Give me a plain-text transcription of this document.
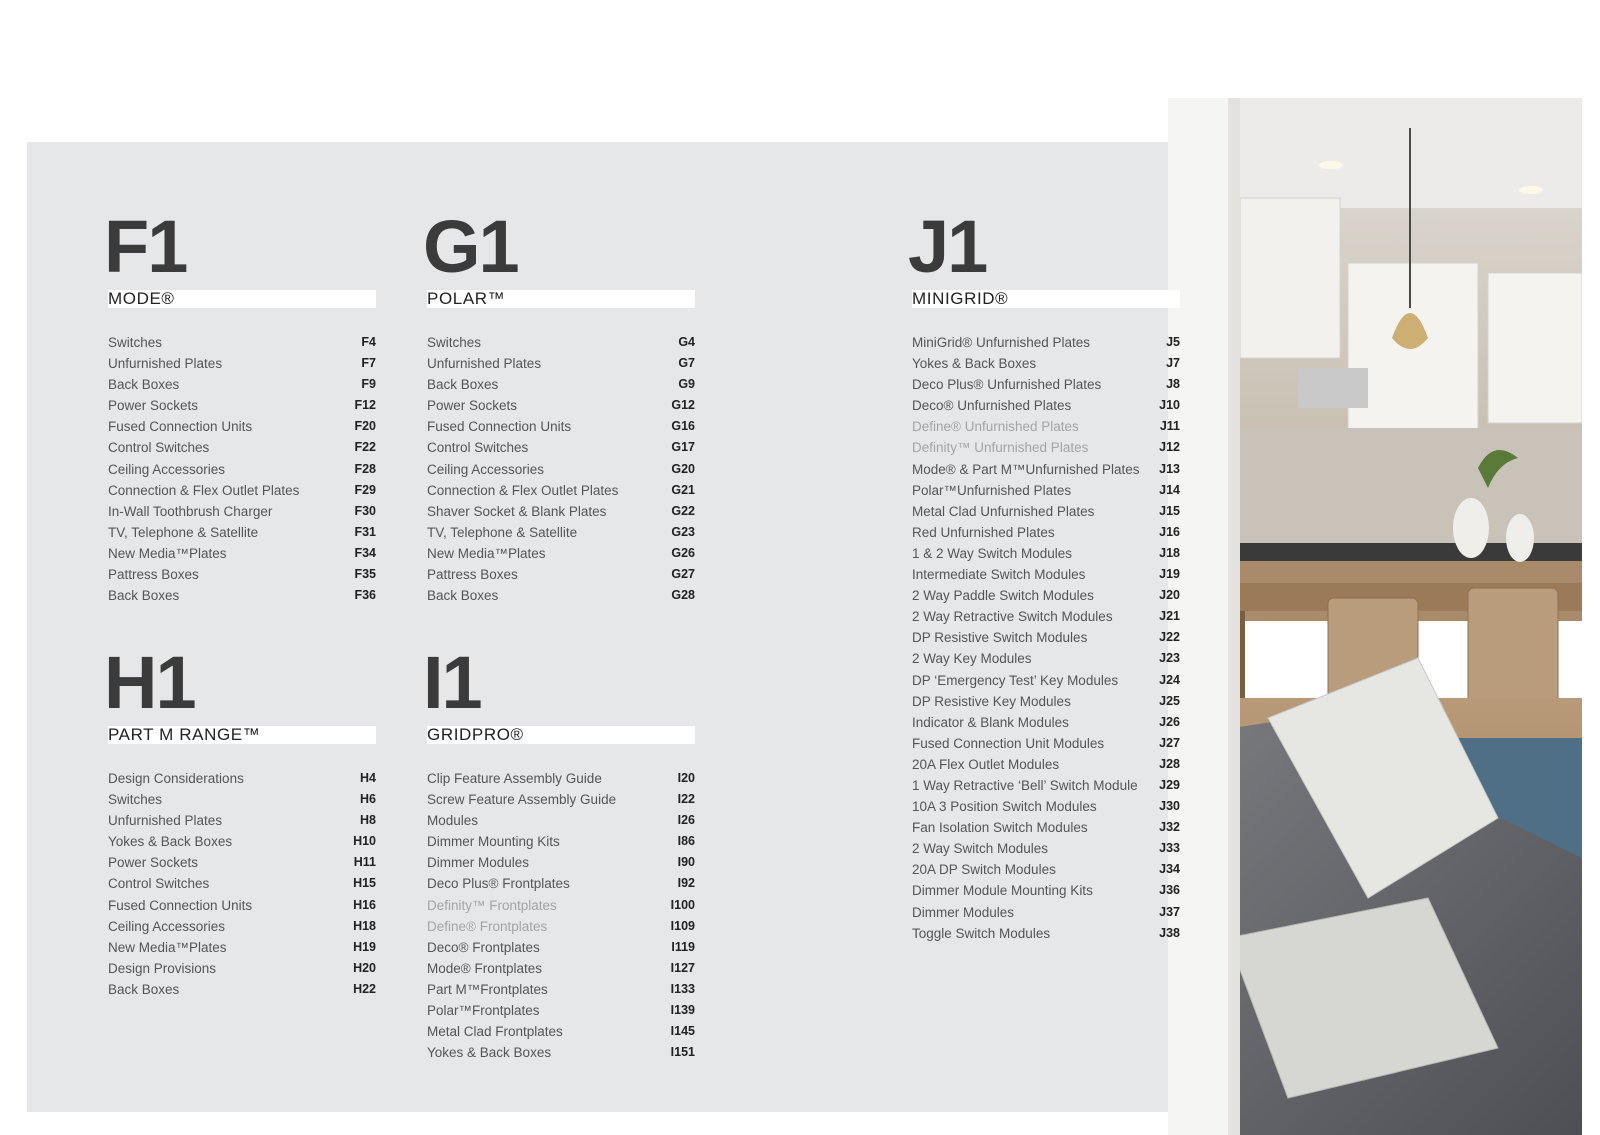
F1
MODE®
Switches	F4
Unfurnished Plates	F7
Back Boxes	F9
Power Sockets	F12
Fused Connection Units	F20
Control Switches	F22
Ceiling Accessories	F28
Connection & Flex Outlet Plates	F29
In-Wall Toothbrush Charger	F30
TV, Telephone & Satellite	F31
New Media™Plates	F34
Pattress Boxes	F35
Back Boxes	F36
G1
POLAR™
Switches	G4
Unfurnished Plates	G7
Back Boxes	G9
Power Sockets	G12
Fused Connection Units	G16
Control Switches	G17
Ceiling Accessories	G20
Connection & Flex Outlet Plates	G21
Shaver Socket & Blank Plates	G22
TV, Telephone & Satellite	G23
New Media™Plates	G26
Pattress Boxes	G27
Back Boxes	G28
H1
PART M RANGE™
Design Considerations	H4
Switches	H6
Unfurnished Plates	H8
Yokes & Back Boxes	H10
Power Sockets	H11
Control Switches	H15
Fused Connection Units	H16
Ceiling Accessories	H18
New Media™Plates	H19
Design Provisions	H20
Back Boxes	H22
I1
GRIDPRO®
Clip Feature Assembly Guide	I20
Screw Feature Assembly Guide	I22
Modules	I26
Dimmer Mounting Kits	I86
Dimmer Modules	I90
Deco Plus® Frontplates	I92
Definity™ Frontplates	I100
Define® Frontplates	I109
Deco® Frontplates	I119
Mode® Frontplates	I127
Part M™Frontplates	I133
Polar™Frontplates	I139
Metal Clad Frontplates	I145
Yokes & Back Boxes	I151
J1
MINIGRID®
MiniGrid® Unfurnished Plates	J5
Yokes & Back Boxes	J7
Deco Plus® Unfurnished Plates	J8
Deco® Unfurnished Plates	J10
Define® Unfurnished Plates	J11
Definity™ Unfurnished Plates	J12
Mode® & Part M™Unfurnished Plates J13
Polar™Unfurnished Plates	J14
Metal Clad Unfurnished Plates	J15
Red Unfurnished Plates	J16
1 & 2 Way Switch Modules	J18
Intermediate Switch Modules	J19
2 Way Paddle Switch Modules	J20
2 Way Retractive Switch Modules	J21
DP Resistive Switch Modules	J22
2 Way Key Modules	J23
DP ‘Emergency Test’ Key Modules	J24
DP Resistive Key Modules	J25
Indicator & Blank Modules	J26
Fused Connection Unit Modules	J27
20A Flex Outlet Modules	J28
1 Way Retractive ‘Bell’ Switch Module J29
10A 3 Position Switch Modules	J30
Fan Isolation Switch Modules	J32
2 Way Switch Modules	J33
20A DP Switch Modules	J34
Dimmer Module Mounting Kits	J36
Dimmer Modules	J37
Toggle Switch Modules	J38
